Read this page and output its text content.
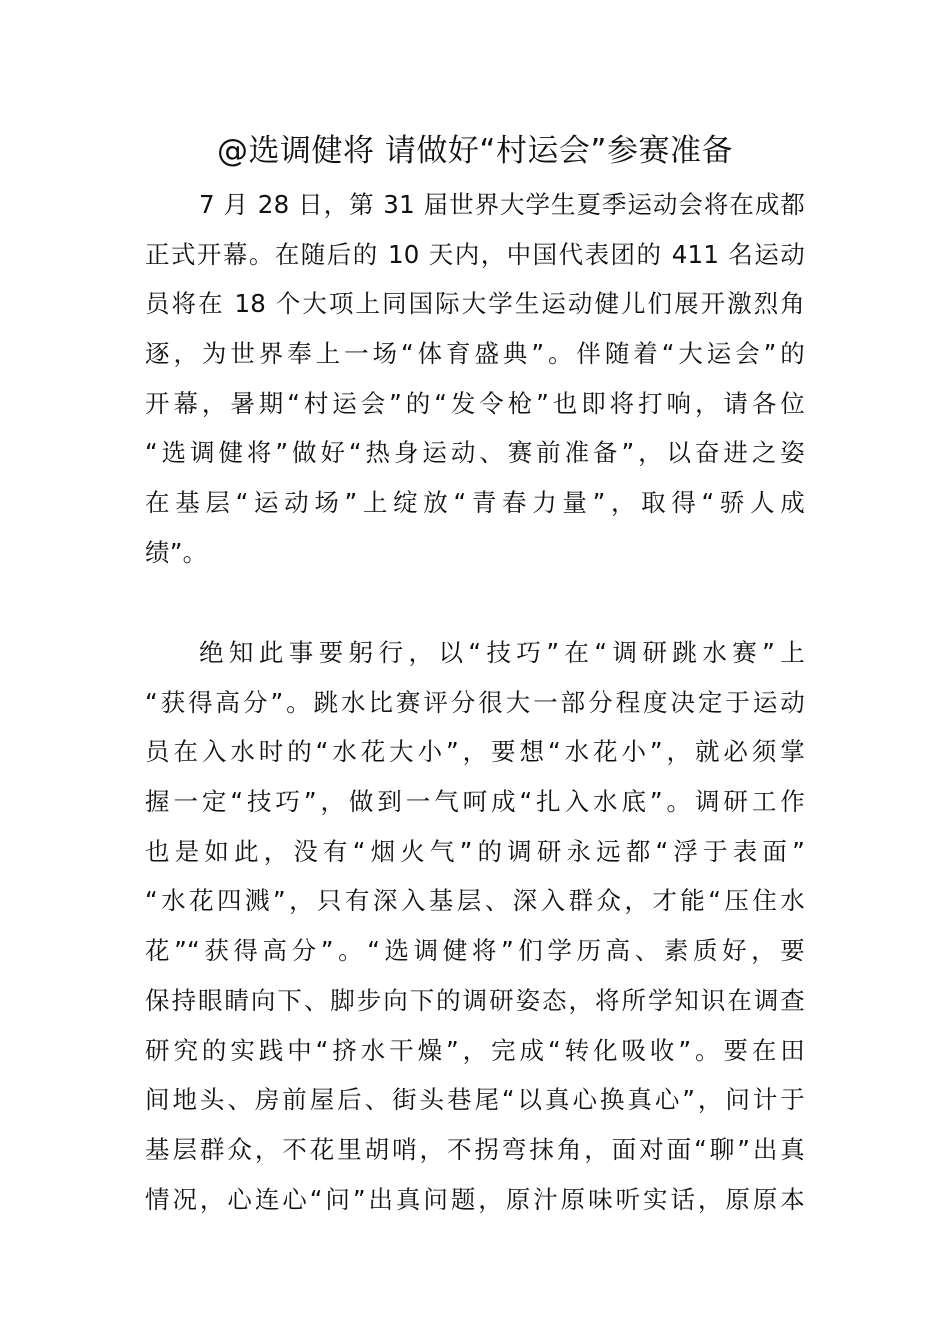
@选调健将 请做好“村运会”参赛准备
7 月 28 日，第 31 届世界大学生夏季运动会将在成都
正式开幕。在随后的 10 天内，中国代表团的 411 名运动
员将在 18 个大项上同国际大学生运动健儿们展开激烈角
逐，为世界奉上一场“体育盛典”。伴随着“大运会”的
开幕，暑期“村运会”的“发令枪”也即将打响，请各位
“选调健将”做好“热身运动、赛前准备”，以奋进之姿
在基层“运动场”上绽放“青春力量”，取得“骄人成
绩”。
绝知此事要躬行，以“技巧”在“调研跳水赛”上
“获得高分”。跳水比赛评分很大一部分程度决定于运动
员在入水时的“水花大小”，要想“水花小”，就必须掌
握一定“技巧”，做到一气呵成“扎入水底”。调研工作
也是如此，没有“烟火气”的调研永远都“浮于表面”
“水花四溅”，只有深入基层、深入群众，才能“压住水
花”“获得高分”。“选调健将”们学历高、素质好，要
保持眼睛向下、脚步向下的调研姿态，将所学知识在调查
研究的实践中“挤水干燥”，完成“转化吸收”。要在田
间地头、房前屋后、街头巷尾“以真心换真心”，问计于
基层群众，不花里胡哨，不拐弯抹角，面对面“聊”出真
情况，心连心“问”出真问题，原汁原味听实话，原原本
